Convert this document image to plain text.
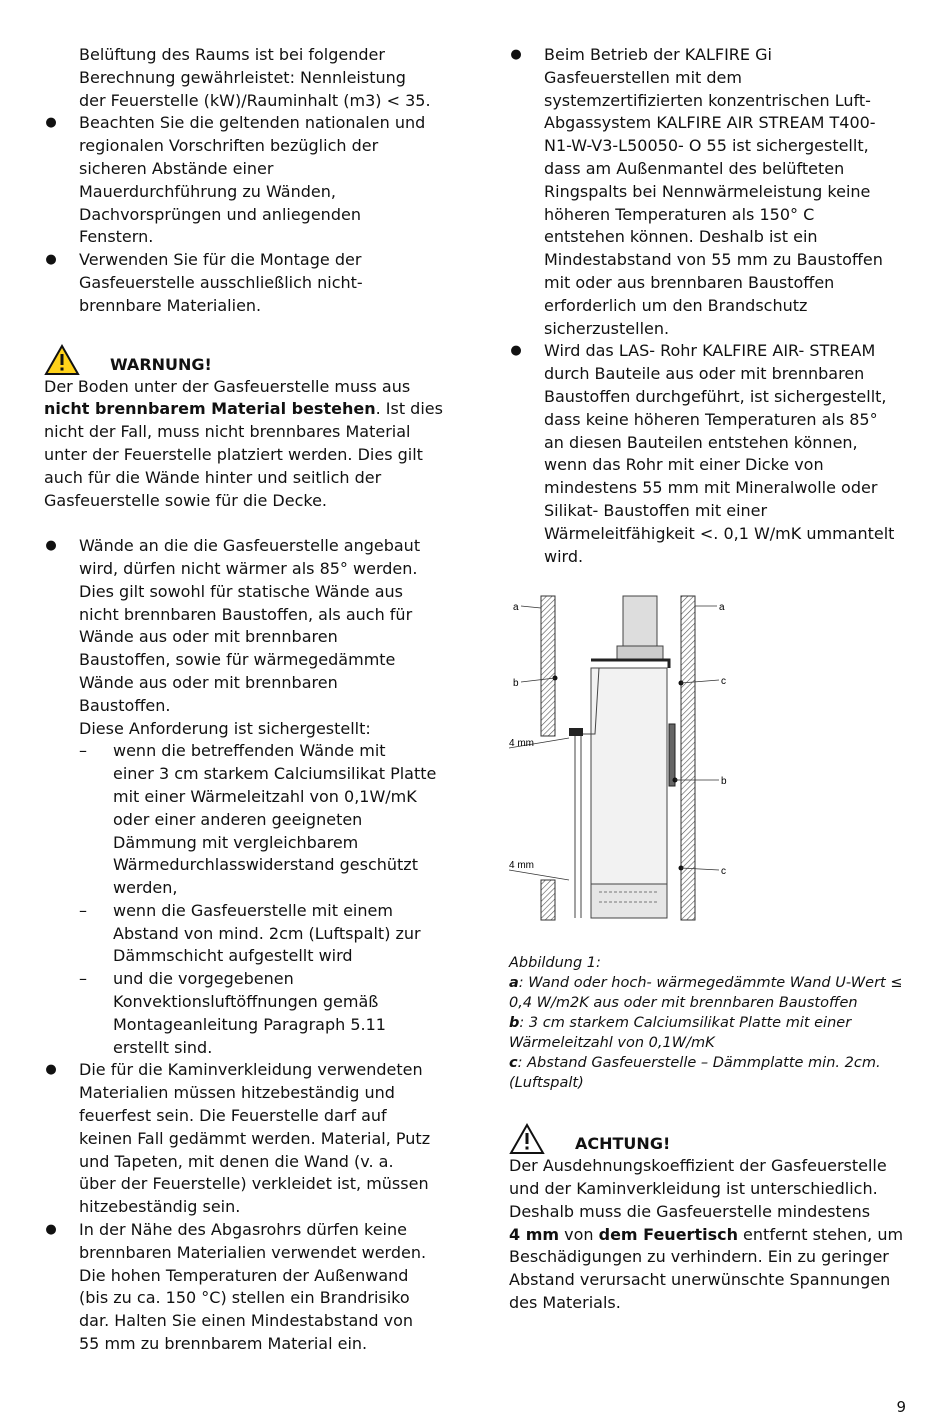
Belüftung des Raums ist bei folgender

Berechnung gewährleistet: Nennleistung

der Feuerstelle (kW)/Rauminhalt (m3) < 35.

● Beachten Sie die geltenden nationalen und

regionalen Vorschriften bezüglich der

sicheren Abstände einer

Mauerdurchführung zu Wänden,

Dachvorsprüngen und anliegenden

Fenstern.

● Verwenden Sie für die Montage der

Gasfeuerstelle ausschließlich nicht-

brennbare Materialien.

WARNUNG!

Der Boden unter der Gasfeuerstelle muss aus

nicht brennbarem Material bestehen. Ist dies

nicht der Fall, muss nicht brennbares Material

unter der Feuerstelle platziert werden. Dies gilt

auch für die Wände hinter und seitlich der

Gasfeuerstelle sowie für die Decke.

● Wände an die die Gasfeuerstelle angebaut

wird, dürfen nicht wärmer als 85° werden.

Dies gilt sowohl für statische Wände aus

nicht brennbaren Baustoffen, als auch für

Wände aus oder mit brennbaren

Baustoffen, sowie für wärmegedämmte

Wände aus oder mit brennbaren

Baustoffen.

Diese Anforderung ist sichergestellt:

– wenn die betreffenden Wände mit

einer 3 cm starkem Calciumsilikat Platte

mit einer Wärmeleitzahl von 0,1W/mK

oder einer anderen geeigneten

Dämmung mit vergleichbarem

Wärmedurchlasswiderstand geschützt

werden,

– wenn die Gasfeuerstelle mit einem

Abstand von mind. 2cm (Luftspalt) zur

Dämmschicht aufgestellt wird

– und die vorgegebenen

Konvektionsluftöffnungen gemäß

Montageanleitung Paragraph 5.11

erstellt sind.

● Die für die Kaminverkleidung verwendeten

Materialien müssen hitzebeständig und

feuerfest sein. Die Feuerstelle darf auf

keinen Fall gedämmt werden. Material, Putz

und Tapeten, mit denen die Wand (v. a.

über der Feuerstelle) verkleidet ist, müssen

hitzebeständig sein.

● In der Nähe des Abgasrohrs dürfen keine

brennbaren Materialien verwendet werden.

Die hohen Temperaturen der Außenwand

(bis zu ca. 150 °C) stellen ein Brandrisiko

dar. Halten Sie einen Mindestabstand von

55 mm zu brennbarem Material ein.

● Beim Betrieb der KALFIRE Gi

Gasfeuerstellen mit dem

systemzertifizierten konzentrischen Luft-

Abgassystem KALFIRE AIR STREAM T400-

N1-W-V3-L50050- O 55 ist sichergestellt,

dass am Außenmantel des belüfteten

Ringspalts bei Nennwärmeleistung keine

höheren Temperaturen als 150° C

entstehen können. Deshalb ist ein

Mindestabstand von 55 mm zu Baustoffen

mit oder aus brennbaren Baustoffen

erforderlich um den Brandschutz

sicherzustellen.

● Wird das LAS- Rohr KALFIRE AIR- STREAM

durch Bauteile aus oder mit brennbaren

Baustoffen durchgeführt, ist sichergestellt,

dass keine höheren Temperaturen als 85°

an diesen Bauteilen entstehen können,

wenn das Rohr mit einer Dicke von

mindestens 55 mm mit Mineralwolle oder

Silikat- Baustoffen mit einer

Wärmeleitfähigkeit <. 0,1 W/mK ummantelt

wird.

a
b
4 mm
4 mm
a
c
b
c

Abbildung 1:

a: Wand oder hoch- wärmegedämmte Wand U-Wert ≤

0,4 W/m2K aus oder mit brennbaren Baustoffen

b: 3 cm starkem Calciumsilikat Platte mit einer

Wärmeleitzahl von 0,1W/mK

c: Abstand Gasfeuerstelle – Dämmplatte min. 2cm.

(Luftspalt)

ACHTUNG!

Der Ausdehnungskoeffizient der Gasfeuerstelle

und der Kaminverkleidung ist unterschiedlich.

Deshalb muss die Gasfeuerstelle mindestens

4 mm von dem Feuertisch entfernt stehen, um

Beschädigungen zu verhindern. Ein zu geringer

Abstand verursacht unerwünschte Spannungen

des Materials.

9
